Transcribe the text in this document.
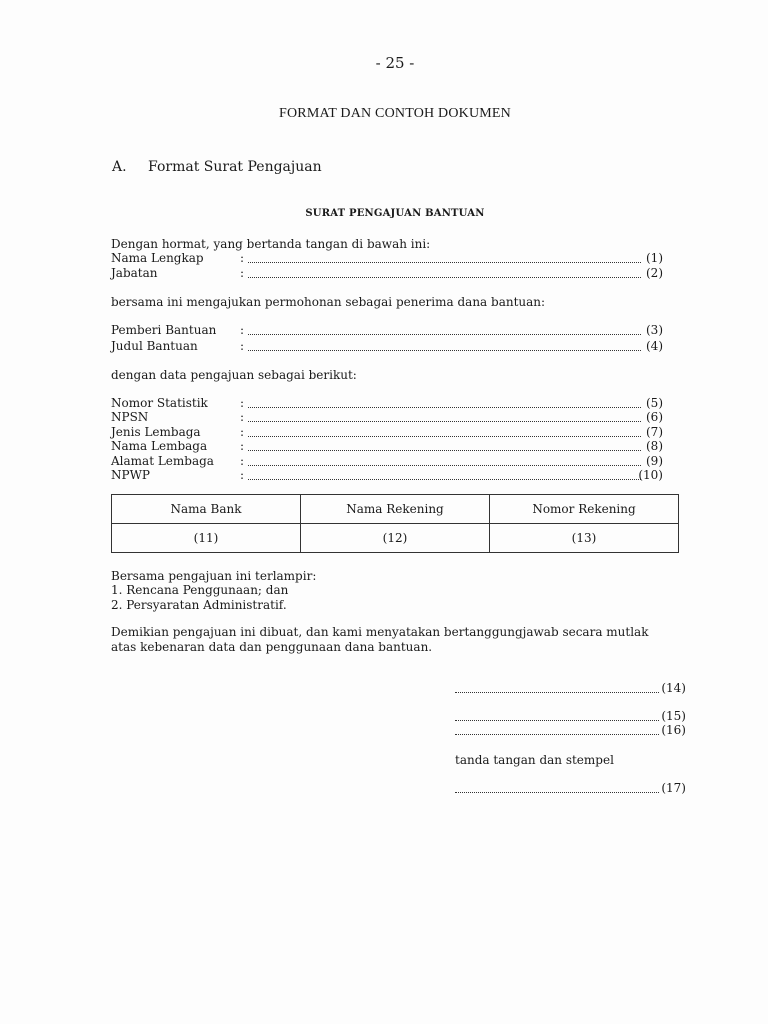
- 25 -
FORMAT DAN CONTOH DOKUMEN
A. Format Surat Pengajuan
SURAT PENGAJUAN BANTUAN
Dengan hormat, yang bertanda tangan di bawah ini:
Nama Lengkap	:	(1)
Jabatan	:	(2)
bersama ini mengajukan permohonan sebagai penerima dana bantuan:
Pemberi Bantuan :	(3)
Judul Bantuan	:	(4)
dengan data pengajuan sebagai berikut:
Nomor Statistik	:	(5)
NPSN	:	(6)
Jenis Lembaga	:	(7)
Nama Lembaga	:	(8)
Alamat Lembaga :	(9)
NPWP	:	(10)
Nama Bank	Nama Rekening	Nomor Rekening
(11)	(12)	(13)
Bersama pengajuan ini terlampir:
1. Rencana Penggunaan; dan
2. Persyaratan Administratif.
Demikian pengajuan ini dibuat, dan kami menyatakan bertanggungjawab secara mutlak
atas kebenaran data dan penggunaan dana bantuan.
(14)
(15)
(16)
tanda tangan dan stempel
(17)
